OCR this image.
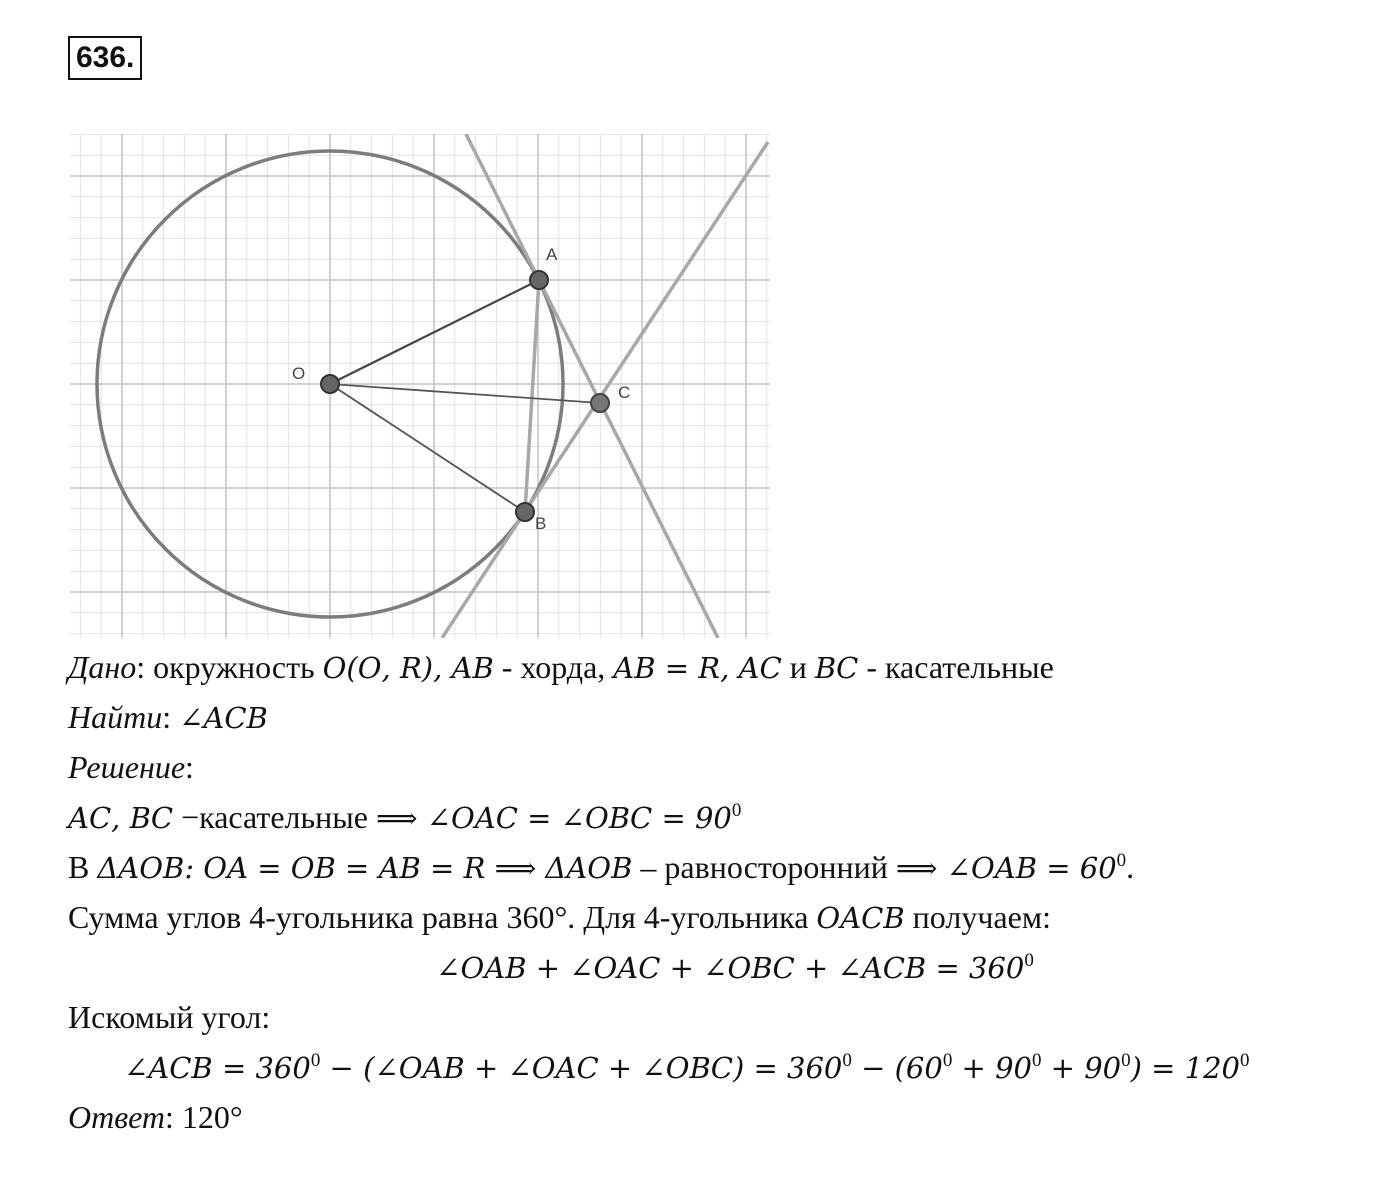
636.
O
A
B
C
Дано: окружность 𝑂(𝑂, 𝑅), 𝐴𝐵 - хорда, 𝐴𝐵 = 𝑅, 𝐴𝐶 и 𝐵𝐶 - касательные
Найти: ∠𝐴𝐶𝐵
Решение:
𝐴𝐶, 𝐵𝐶 −касательные ⟹ ∠𝑂𝐴𝐶 = ∠𝑂𝐵𝐶 = $90^0$
В Δ𝐴𝑂𝐵: 𝑂𝐴 = 𝑂𝐵 = 𝐴𝐵 = 𝑅 ⟹ Δ𝐴𝑂𝐵 – равносторонний ⟹ ∠𝑂𝐴𝐵 = $60^0$.
Сумма углов 4-угольника равна 360°. Для 4-угольника 𝑂𝐴𝐶𝐵 получаем:
∠𝑂𝐴𝐵 + ∠𝑂𝐴𝐶 + ∠𝑂𝐵𝐶 + ∠𝐴𝐶𝐵 = $360^0$
Искомый угол:
∠𝐴𝐶𝐵 = $360^0$ − (∠𝑂𝐴𝐵 + ∠𝑂𝐴𝐶 + ∠𝑂𝐵𝐶) = $360^0 - (60^0 + 90^0 + 90^0) = 120^0$
Ответ: 120°
